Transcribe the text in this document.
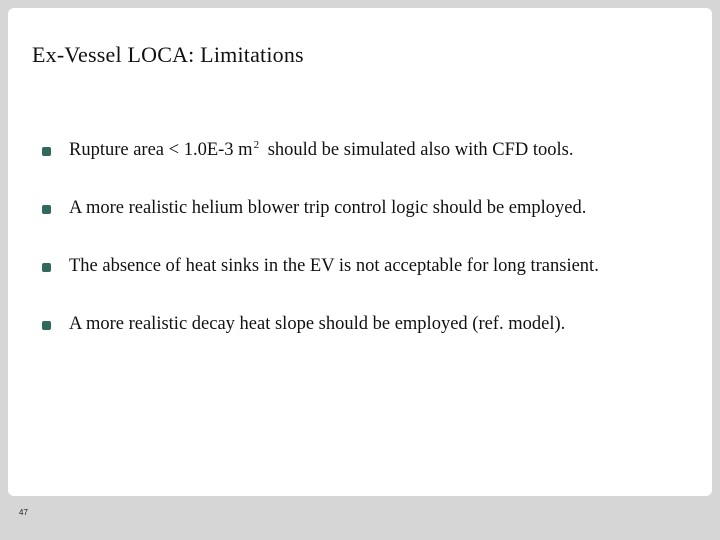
Ex-Vessel LOCA: Limitations
Rupture area < 1.0E-3 $m^2$ should be simulated also with CFD tools.
A more realistic helium blower trip control logic should be employed.
The absence of heat sinks in the EV is not acceptable for long transient.
A more realistic decay heat slope should be employed (ref. model).
47
